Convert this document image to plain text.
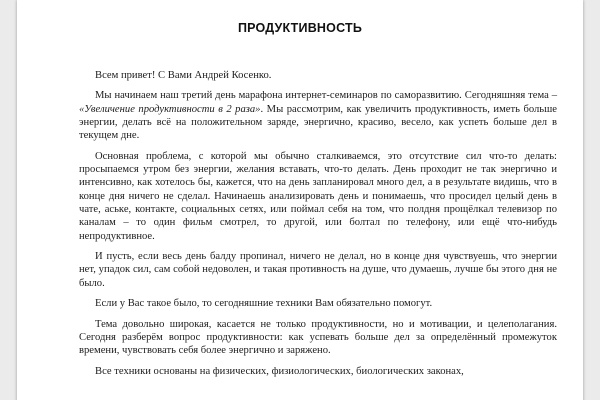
ПРОДУКТИВНОСТЬ

Всем привет! С Вами Андрей Косенко.

Мы начинаем наш третий день марафона интернет-семинаров по саморазвитию. Сегодняшняя тема – «Увеличение продуктивности в 2 раза». Мы рассмотрим, как увеличить продуктивность, иметь больше энергии, делать всё на положительном заряде, энергично, красиво, весело, как успеть больше дел в текущем дне.

Основная проблема, с которой мы обычно сталкиваемся, это отсутствие сил что-то делать: просыпаемся утром без энергии, желания вставать, что-то делать. День проходит не так энергично и интенсивно, как хотелось бы, кажется, что на день запланировал много дел, а в результате видишь, что в конце дня ничего не сделал. Начинаешь анализировать день и понимаешь, что просидел целый день в чате, аське, контакте, социальных сетях, или поймал себя на том, что полдня прощёлкал телевизор по каналам – то один фильм смотрел, то другой, или болтал по телефону, или ещё что-нибудь непродуктивное.

И пусть, если весь день балду пропинал, ничего не делал, но в конце дня чувствуешь, что энергии нет, упадок сил, сам собой недоволен, и такая противность на душе, что думаешь, лучше бы этого дня не было.

Если у Вас такое было, то сегодняшние техники Вам обязательно помогут.

Тема довольно широкая, касается не только продуктивности, но и мотивации, и целеполагания. Сегодня разберём вопрос продуктивности: как успевать больше дел за определённый промежуток времени, чувствовать себя более энергично и заряжено.

Все техники основаны на физических, физиологических, биологических законах,
